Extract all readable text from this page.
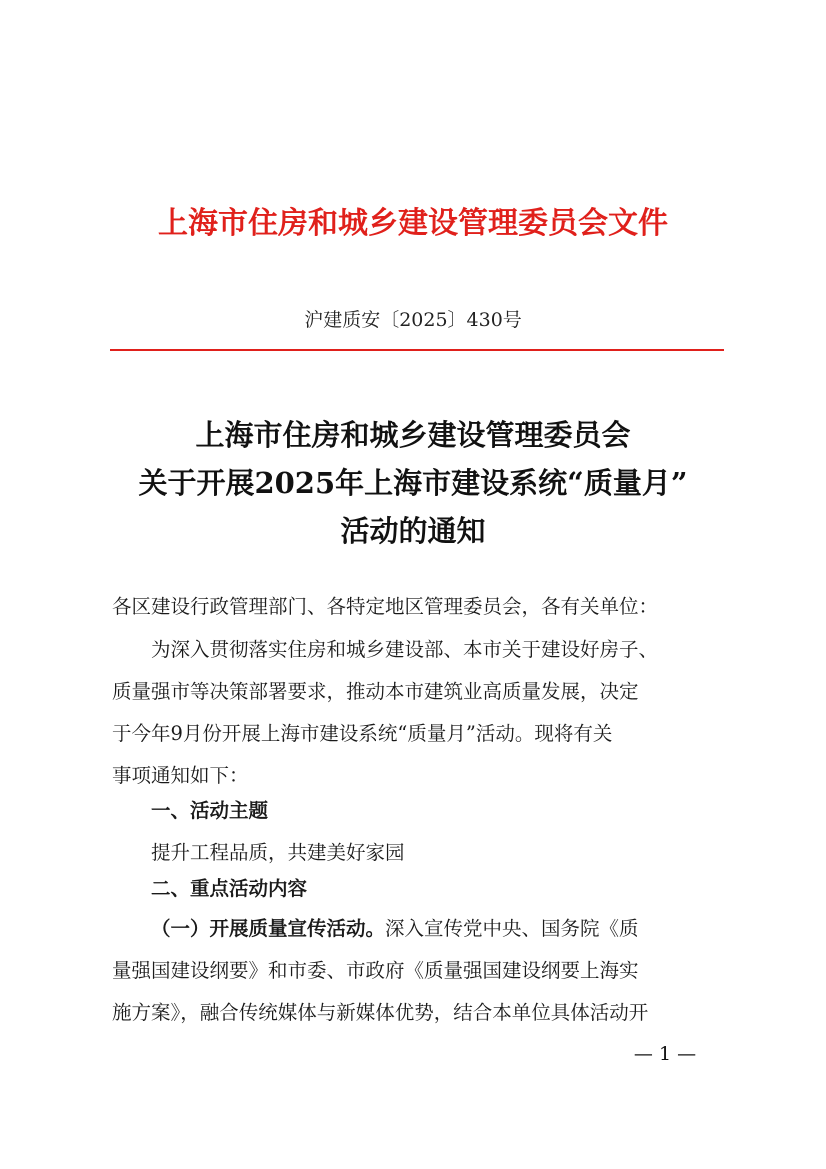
上海市住房和城乡建设管理委员会文件
沪建质安〔2025〕430号
上海市住房和城乡建设管理委员会
关于开展2025年上海市建设系统“质量月”
活动的通知
各区建设行政管理部门、各特定地区管理委员会，各有关单位：
为深入贯彻落实住房和城乡建设部、本市关于建设好房子、
质量强市等决策部署要求，推动本市建筑业高质量发展，决定
于今年9月份开展上海市建设系统“质量月”活动。现将有关
事项通知如下：
一、活动主题
提升工程品质，共建美好家园
二、重点活动内容
（一）开展质量宣传活动。深入宣传党中央、国务院《质
量强国建设纲要》和市委、市政府《质量强国建设纲要上海实
施方案》，融合传统媒体与新媒体优势，结合本单位具体活动开
— 1 —
